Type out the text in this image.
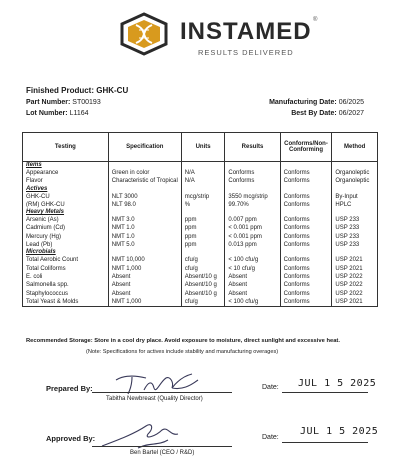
INSTAMED ®
RESULTS DELIVERED
Finished Product: GHK-CU
Part Number: ST00193
Lot Number: L1164
Manufacturing Date: 06/2025
Best By Date: 06/2027
Testing	Specification	Units	Results	Conforms/Non-Conforming	Method
Items					
Appearance	Green in color	N/A	Conforms	Conforms	Organoleptic
Flavor	Characteristic of Tropical	N/A	Conforms	Conforms	Organoleptic
Actives					
GHK-CU	NLT 3000	mcg/strip	3550 mcg/strip	Conforms	By-Input
(RM) GHK-CU	NLT 98.0	%	99.70%	Conforms	HPLC
Heavy Metals					
Arsenic (As)	NMT 3.0	ppm	0.007 ppm	Conforms	USP 233
Cadmium (Cd)	NMT 1.0	ppm	< 0.001 ppm	Conforms	USP 233
Mercury (Hg)	NMT 1.0	ppm	< 0.001 ppm	Conforms	USP 233
Lead (Pb)	NMT 5.0	ppm	0.013 ppm	Conforms	USP 233
Microbials					
Total Aerobic Count	NMT 10,000	cfu/g	< 100 cfu/g	Conforms	USP 2021
Total Coliforms	NMT 1,000	cfu/g	< 10 cfu/g	Conforms	USP 2021
E. coli	Absent	Absent/10 g	Absent	Conforms	USP 2022
Salmonella spp.	Absent	Absent/10 g	Absent	Conforms	USP 2022
Staphylococcus	Absent	Absent/10 g	Absent	Conforms	USP 2022
Total Yeast & Molds	NMT 1,000	cfu/g	< 100 cfu/g	Conforms	USP 2021
Recommended Storage: Store in a cool dry place. Avoid exposure to moisture, direct sunlight and excessive heat.
(Note: Specifications for actives include stability and manufacturing overages)
Prepared By:
Tabitha Newbreast (Quality Director)
Date: JUL 1 5 2025
Approved By:
Ben Bartel (CEO / R&D)
Date:
JUL 1 5 2025
